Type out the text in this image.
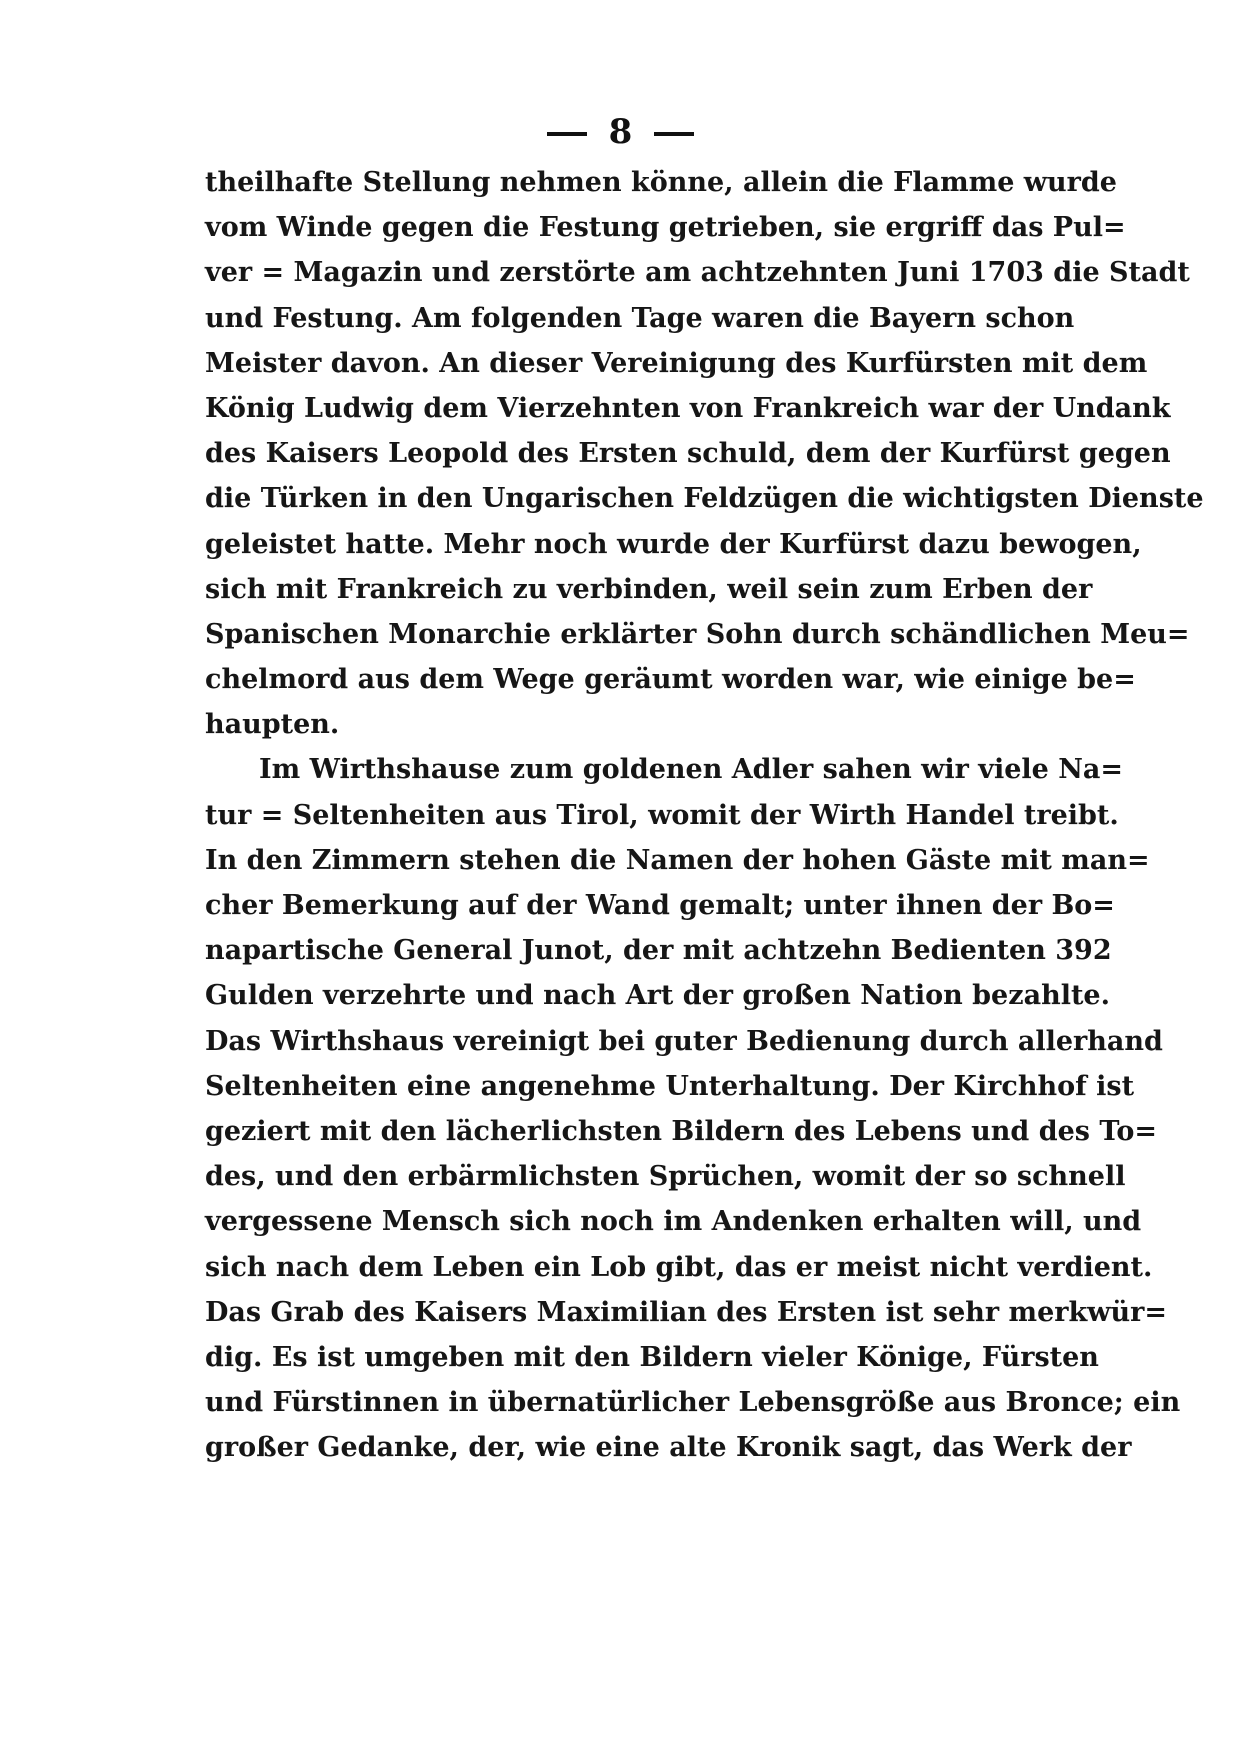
8
theilhafte Stellung nehmen könne, allein die Flamme wurde
vom Winde gegen die Festung getrieben, sie ergriff das Pul=
ver = Magazin und zerstörte am achtzehnten Juni 1703 die Stadt
und Festung. Am folgenden Tage waren die Bayern schon
Meister davon. An dieser Vereinigung des Kurfürsten mit dem
König Ludwig dem Vierzehnten von Frankreich war der Undank
des Kaisers Leopold des Ersten schuld, dem der Kurfürst gegen
die Türken in den Ungarischen Feldzügen die wichtigsten Dienste
geleistet hatte. Mehr noch wurde der Kurfürst dazu bewogen,
sich mit Frankreich zu verbinden, weil sein zum Erben der
Spanischen Monarchie erklärter Sohn durch schändlichen Meu=
chelmord aus dem Wege geräumt worden war, wie einige be=
haupten.
Im Wirthshause zum goldenen Adler sahen wir viele Na=
tur = Seltenheiten aus Tirol, womit der Wirth Handel treibt.
In den Zimmern stehen die Namen der hohen Gäste mit man=
cher Bemerkung auf der Wand gemalt; unter ihnen der Bo=
napartische General Junot, der mit achtzehn Bedienten 392
Gulden verzehrte und nach Art der großen Nation bezahlte.
Das Wirthshaus vereinigt bei guter Bedienung durch allerhand
Seltenheiten eine angenehme Unterhaltung. Der Kirchhof ist
geziert mit den lächerlichsten Bildern des Lebens und des To=
des, und den erbärmlichsten Sprüchen, womit der so schnell
vergessene Mensch sich noch im Andenken erhalten will, und
sich nach dem Leben ein Lob gibt, das er meist nicht verdient.
Das Grab des Kaisers Maximilian des Ersten ist sehr merkwür=
dig. Es ist umgeben mit den Bildern vieler Könige, Fürsten
und Fürstinnen in übernatürlicher Lebensgröße aus Bronce; ein
großer Gedanke, der, wie eine alte Kronik sagt, das Werk der
